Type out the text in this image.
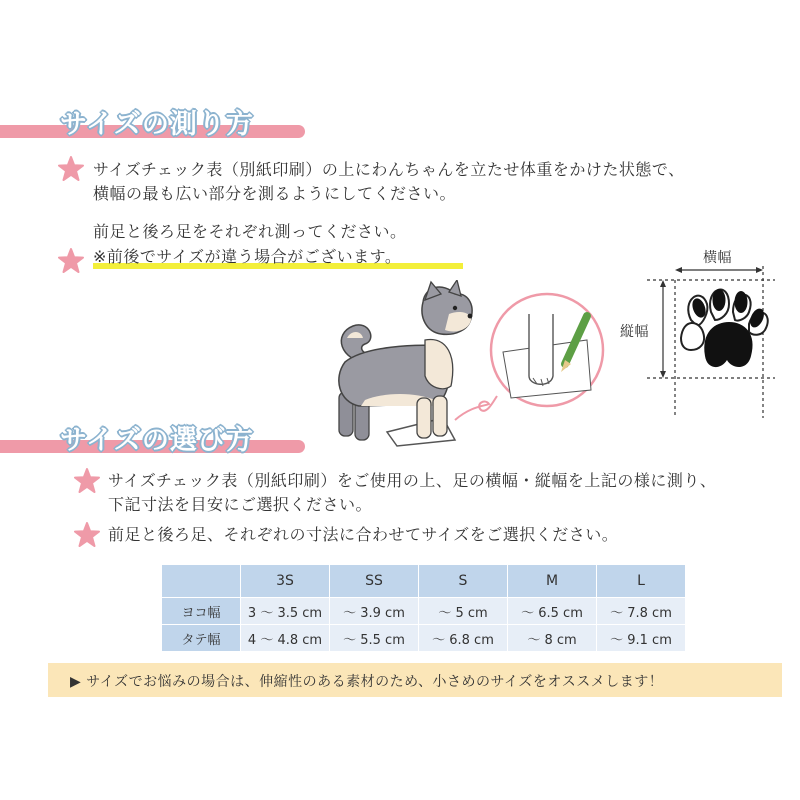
サイズの測り方
サイズチェック表（別紙印刷）の上にわんちゃんを立たせ体重をかけた状態で、
横幅の最も広い部分を測るようにしてください。
前足と後ろ足をそれぞれ測ってください。
※前後でサイズが違う場合がございます。	横幅
縦幅
サイズの選び方
サイズチェック表（別紙印刷）をご使用の上、足の横幅・縦幅を上記の様に測り、
下記寸法を目安にご選択ください。
前足と後ろ足、それぞれの寸法に合わせてサイズをご選択ください。
	3S	SS	S	M	L
ヨコ幅	3 ～ 3.5 cm	～ 3.9 cm	～ 5 cm	～ 6.5 cm	～ 7.8 cm
タテ幅	4 ～ 4.8 cm	～ 5.5 cm	～ 6.8 cm	～ 8 cm	～ 9.1 cm
▶ サイズでお悩みの場合は、伸縮性のある素材のため、小さめのサイズをオススメします！
